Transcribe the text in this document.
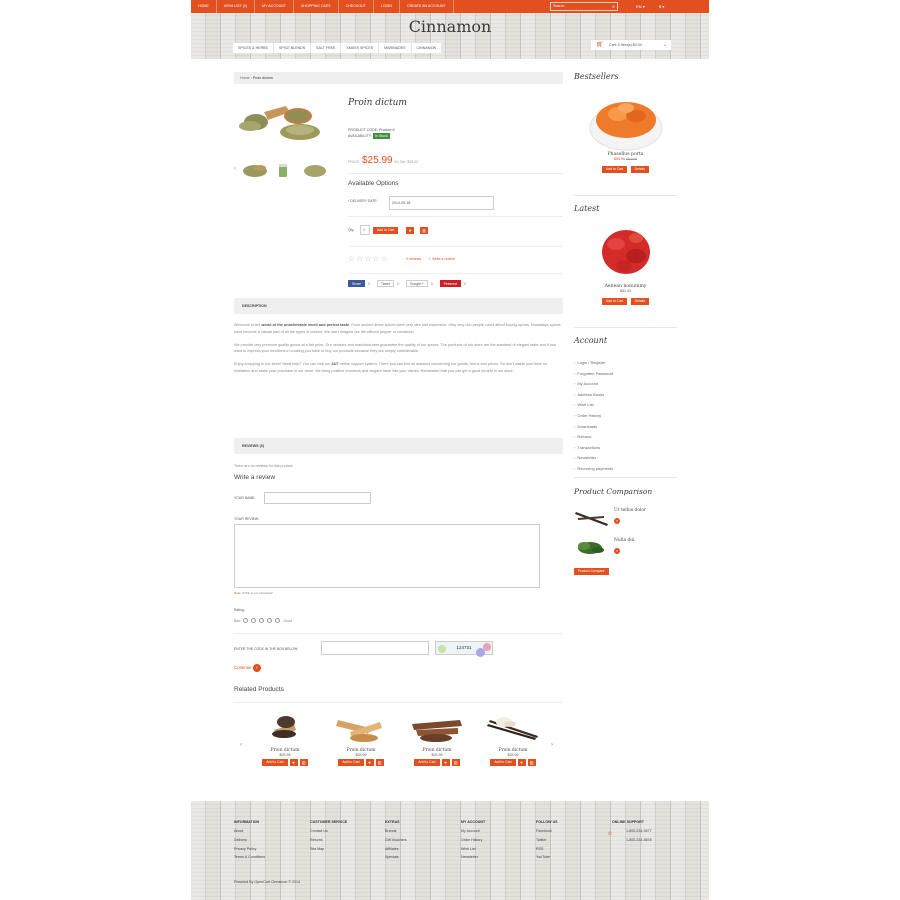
HOME	WISH LIST (0)	MY ACCOUNT	SHOPPING CART	CHECKOUT	LOGIN	CREATE AN ACCOUNT	Search	⌕	EN ▾	$ ▾
Cinnamon
SPICES & HERBS	SPICE BLENDS	SALT FREE	XMASS SPICES	MARINADES	CINNAMON	🛒︎ Cart: 0 item(s) $0.00	⌄
Home › Proin dictum
Proin dictum
‹
PRODUCT CODE: Product 8
AVAILABILITY: In Stock
PRICE: $25.99 Ex Tax: $25.42
Available Options
* DELIVERY DATE:	2014-05-18
Qty:	1	Add to Cart	♥	▥
☆☆☆☆☆	0 reviews ✎ Write a review
Share	0	Tweet	0	Google +	0	Pinterest	0
DESCRIPTION

Welcome to the world of the unbelievable smell and perfect taste. From ancient times spices were very rare and expensive. Only very rich people could afford buying spices. Nowadays spices have become a casual part of all the types of cuisine. We can't imagine our life without pepper or cinnamon.

We provide only premium quality goods at a fair price. Our vendors and manufacturers guarantee the quality of our spices. The products of our store are the standard of elegant taste and if you want to express your emotions in cooking you have to buy our products because they are simply unbelievable.

Enjoy shopping in our store! Need help? You can visit our 24/7 online support system. There you can find all answers concerning our goods, terms and prices. So don't waste your time on hesitation and make your purchase in our store. We bring positive emotions and elegant taste into your dishes. Remember that you can get a good benefit in our store.

REVIEWS (0)
There are no reviews for this product.
Write a review
YOUR NAME:
YOUR REVIEW:
Note: HTML is not translated!
Rating:
Bad	Good
ENTER THE CODE IN THE BOX BELOW:	124731
Continue ›
Related Products
‹	›
Proin dictum
$25.99
Add to Cart	♥	▥
Proin dictum
$25.99
Add to Cart	♥	▥
Proin dictum
$25.99
Add to Cart	♥	▥
Proin dictum
$25.99
Add to Cart	♥	▥
Bestsellers
Phasellus porta
$55.96 $64.68
Add to Cart	Details
Latest
Aenean nonummy
$51.43
Add to Cart	Details
Account
› Login / Register
› Forgotten Password
› My Account
› Address Books
› Wish List
› Order History
› Downloads
› Returns
› Transactions
› Newsletter
› Recurring payments
Product Comparison
Ut tellus dolor
×
Nulla dui
×
Product Compare
INFORMATION
About
Delivery
Privacy Policy
Terms & Conditions
CUSTOMER SERVICE
Contact Us
Returns
Site Map
EXTRAS
Brands
Gift Vouchers
Affiliates
Specials
MY ACCOUNT
My Account
Order History
Wish List
Newsletter
FOLLOW US
Facebook
Twitter
RSS
YouTube
ONLINE SUPPORT
1-800-234-5677
1-800-234-5678
✆
Powered By OpenCart Cinnamon © 2014
